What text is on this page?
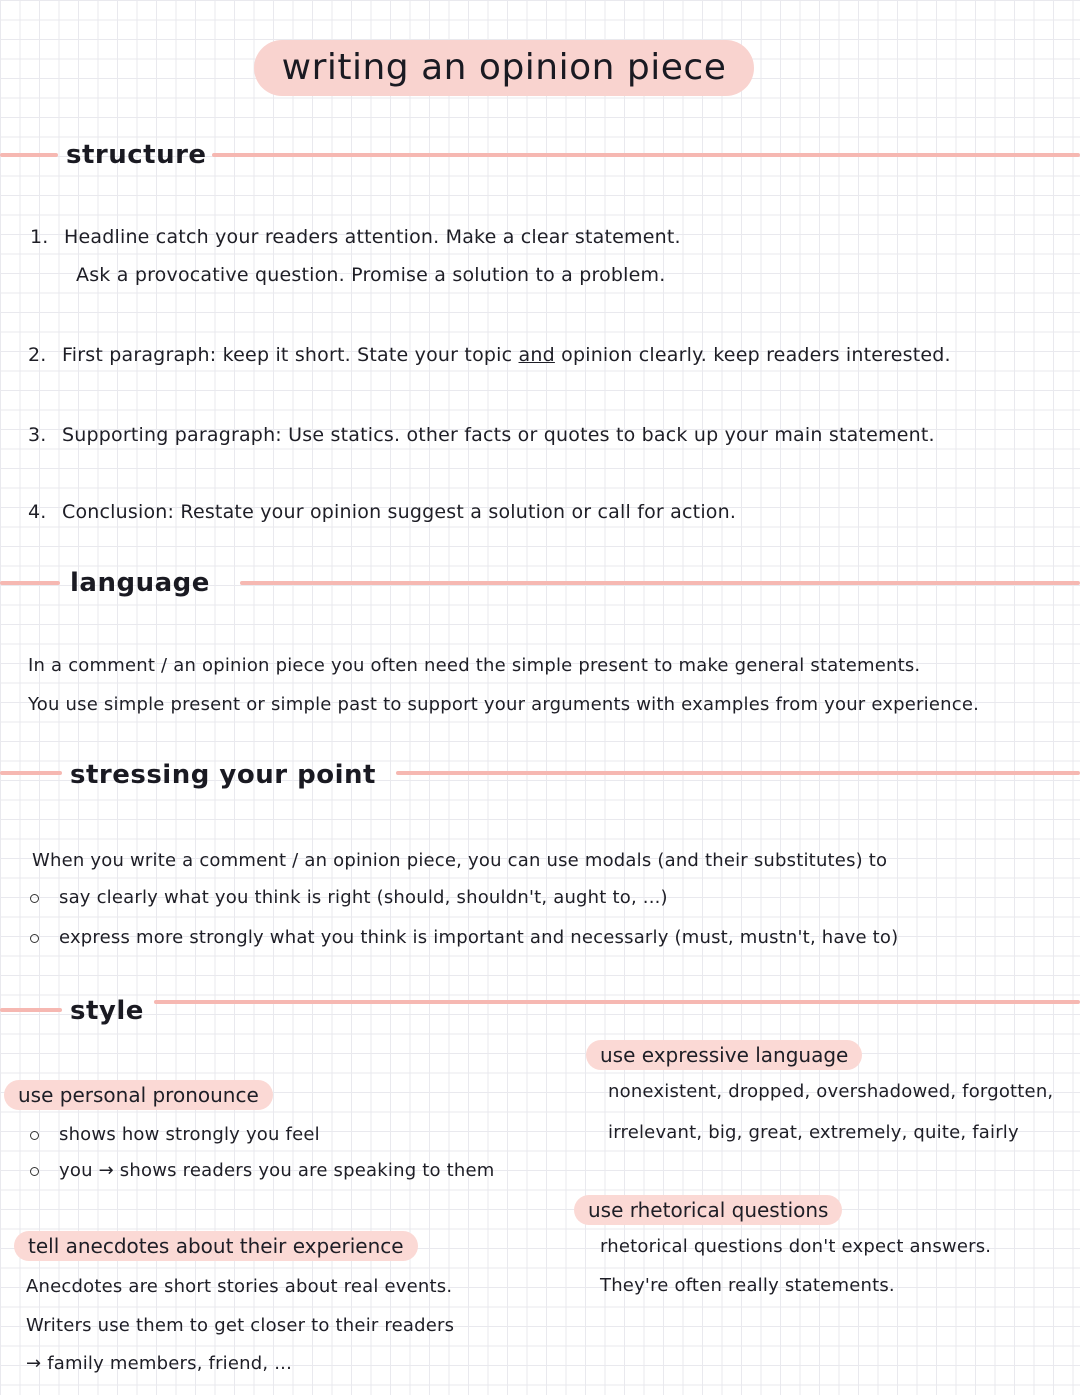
writing an opinion piece
structure
1. Headline catch your readers attention. Make a clear statement.
Ask a provocative question. Promise a solution to a problem.
2. First paragraph: keep it short. State your topic and opinion clearly. keep readers interested.
3. Supporting paragraph: Use statics. other facts or quotes to back up your main statement.
4. Conclusion: Restate your opinion suggest a solution or call for action.
language
In a comment / an opinion piece you often need the simple present to make general statements.
You use simple present or simple past to support your arguments with examples from your experience.
stressing your point
When you write a comment / an opinion piece, you can use modals (and their substitutes) to
say clearly what you think is right (should, shouldn't, aught to, ...)
express more strongly what you think is important and necessarly (must, mustn't, have to)
style
use personal pronounce
shows how strongly you feel
you → shows readers you are speaking to them
tell anecdotes about their experience
Anecdotes are short stories about real events.
Writers use them to get closer to their readers
→ family members, friend, ...
use expressive language
nonexistent, dropped, overshadowed, forgotten,
irrelevant, big, great, extremely, quite, fairly
use rhetorical questions
rhetorical questions don't expect answers.
They're often really statements.
